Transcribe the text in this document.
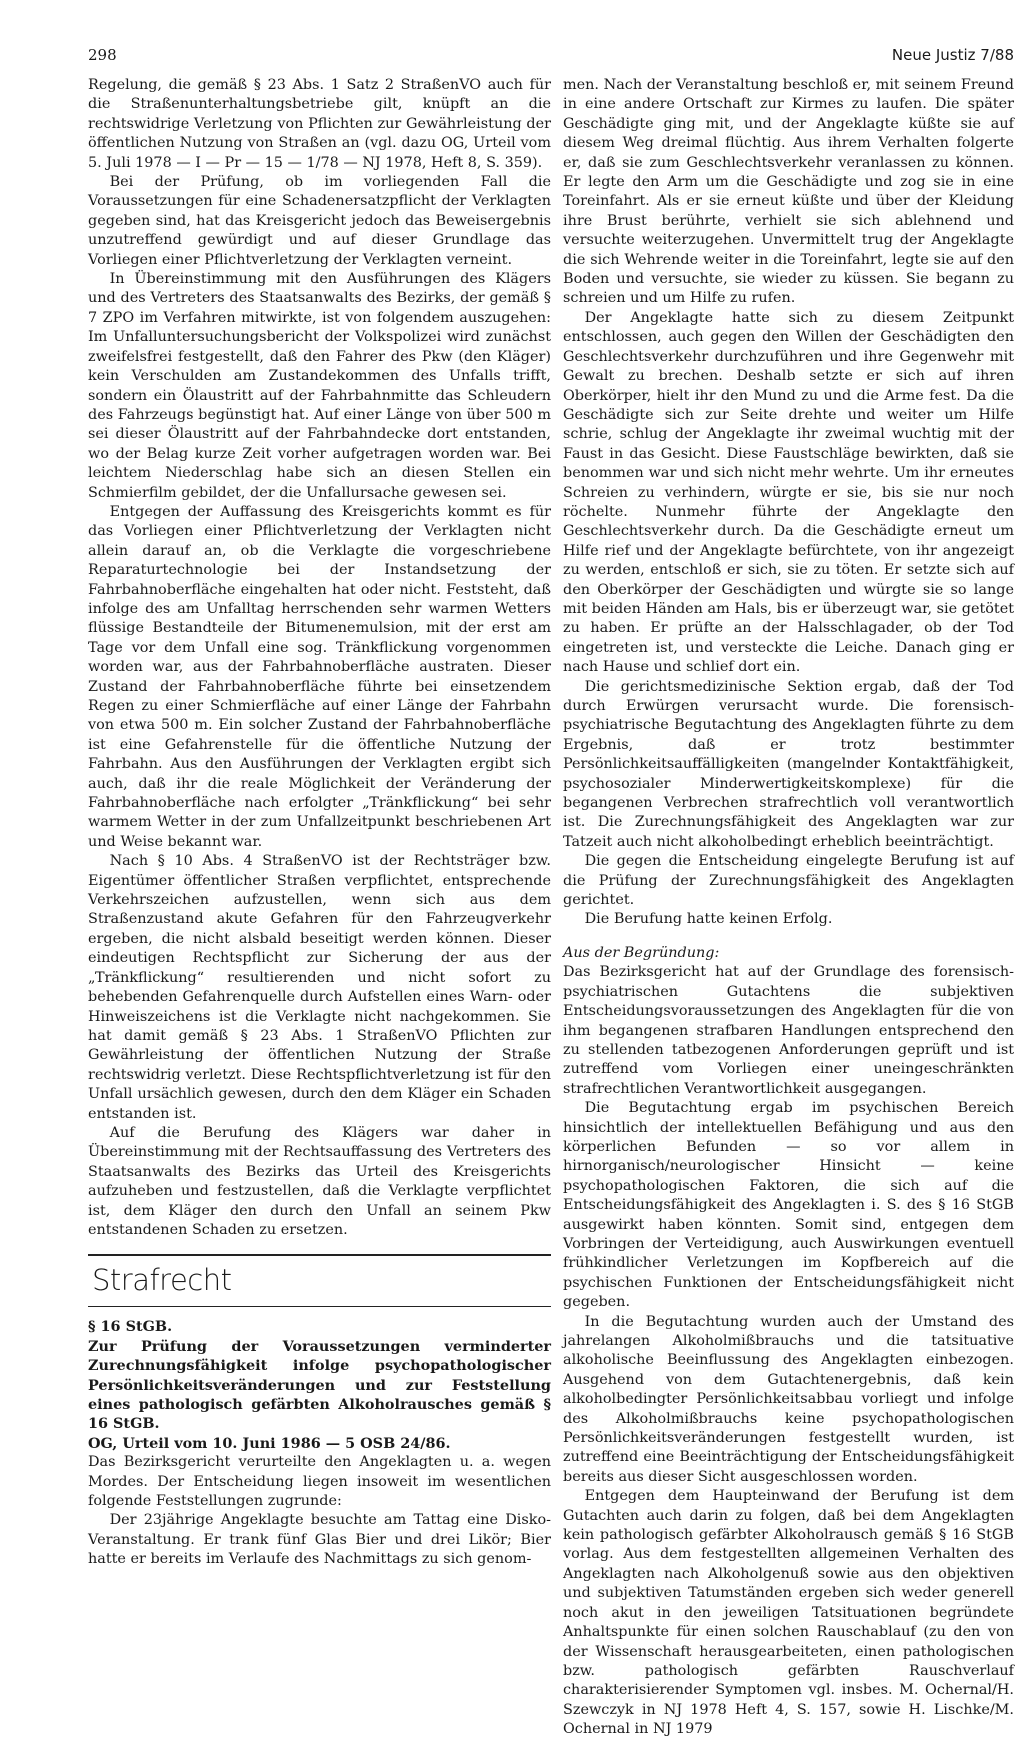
298	Neue Justiz 7/88

Regelung, die gemäß § 23 Abs. 1 Satz 2 StraßenVO auch für die Straßenunterhaltungsbetriebe gilt, knüpft an die rechtswidrige Verletzung von Pflichten zur Gewährleistung der öffentlichen Nutzung von Straßen an (vgl. dazu OG, Urteil vom 5. Juli 1978 — I — Pr — 15 — 1/78 — NJ 1978, Heft 8, S. 359).

Bei der Prüfung, ob im vorliegenden Fall die Voraussetzungen für eine Schadenersatzpflicht der Verklagten gegeben sind, hat das Kreisgericht jedoch das Beweisergebnis unzutreffend gewürdigt und auf dieser Grundlage das Vorliegen einer Pflichtverletzung der Verklagten verneint.

In Übereinstimmung mit den Ausführungen des Klägers und des Vertreters des Staatsanwalts des Bezirks, der gemäß § 7 ZPO im Verfahren mitwirkte, ist von folgendem auszugehen: Im Unfalluntersuchungsbericht der Volkspolizei wird zunächst zweifelsfrei festgestellt, daß den Fahrer des Pkw (den Kläger) kein Verschulden am Zustandekommen des Unfalls trifft, sondern ein Ölaustritt auf der Fahrbahnmitte das Schleudern des Fahrzeugs begünstigt hat. Auf einer Länge von über 500 m sei dieser Ölaustritt auf der Fahrbahndecke dort entstanden, wo der Belag kurze Zeit vorher aufgetragen worden war. Bei leichtem Niederschlag habe sich an diesen Stellen ein Schmierfilm gebildet, der die Unfallursache gewesen sei.

Entgegen der Auffassung des Kreisgerichts kommt es für das Vorliegen einer Pflichtverletzung der Verklagten nicht allein darauf an, ob die Verklagte die vorgeschriebene Reparaturtechnologie bei der Instandsetzung der Fahrbahnoberfläche eingehalten hat oder nicht. Feststeht, daß infolge des am Unfalltag herrschenden sehr warmen Wetters flüssige Bestandteile der Bitumenemulsion, mit der erst am Tage vor dem Unfall eine sog. Tränkflickung vorgenommen worden war, aus der Fahrbahnoberfläche austraten. Dieser Zustand der Fahrbahnoberfläche führte bei einsetzendem Regen zu einer Schmierfläche auf einer Länge der Fahrbahn von etwa 500 m. Ein solcher Zustand der Fahrbahnoberfläche ist eine Gefahrenstelle für die öffentliche Nutzung der Fahrbahn. Aus den Ausführungen der Verklagten ergibt sich auch, daß ihr die reale Möglichkeit der Veränderung der Fahrbahnoberfläche nach erfolgter „Tränkflickung“ bei sehr warmem Wetter in der zum Unfallzeitpunkt beschriebenen Art und Weise bekannt war.

Nach § 10 Abs. 4 StraßenVO ist der Rechtsträger bzw. Eigentümer öffentlicher Straßen verpflichtet, entsprechende Verkehrszeichen aufzustellen, wenn sich aus dem Straßenzustand akute Gefahren für den Fahrzeugverkehr ergeben, die nicht alsbald beseitigt werden können. Dieser eindeutigen Rechtspflicht zur Sicherung der aus der „Tränkflickung“ resultierenden und nicht sofort zu behebenden Gefahrenquelle durch Aufstellen eines Warn- oder Hinweiszeichens ist die Verklagte nicht nachgekommen. Sie hat damit gemäß § 23 Abs. 1 StraßenVO Pflichten zur Gewährleistung der öffentlichen Nutzung der Straße rechtswidrig verletzt. Diese Rechtspflichtverletzung ist für den Unfall ursächlich gewesen, durch den dem Kläger ein Schaden entstanden ist.

Auf die Berufung des Klägers war daher in Übereinstimmung mit der Rechtsauffassung des Vertreters des Staatsanwalts des Bezirks das Urteil des Kreisgerichts aufzuheben und festzustellen, daß die Verklagte verpflichtet ist, dem Kläger den durch den Unfall an seinem Pkw entstandenen Schaden zu ersetzen.

Strafrecht

§ 16 StGB.

Zur Prüfung der Voraussetzungen verminderter Zurechnungsfähigkeit infolge psychopathologischer Persönlichkeitsveränderungen und zur Feststellung eines pathologisch gefärbten Alkoholrausches gemäß § 16 StGB.

OG, Urteil vom 10. Juni 1986 — 5 OSB 24/86.

Das Bezirksgericht verurteilte den Angeklagten u. a. wegen Mordes. Der Entscheidung liegen insoweit im wesentlichen folgende Feststellungen zugrunde:

Der 23jährige Angeklagte besuchte am Tattag eine Disko-Veranstaltung. Er trank fünf Glas Bier und drei Likör; Bier hatte er bereits im Verlaufe des Nachmittags zu sich genom-

men. Nach der Veranstaltung beschloß er, mit seinem Freund in eine andere Ortschaft zur Kirmes zu laufen. Die später Geschädigte ging mit, und der Angeklagte küßte sie auf diesem Weg dreimal flüchtig. Aus ihrem Verhalten folgerte er, daß sie zum Geschlechtsverkehr veranlassen zu können. Er legte den Arm um die Geschädigte und zog sie in eine Toreinfahrt. Als er sie erneut küßte und über der Kleidung ihre Brust berührte, verhielt sie sich ablehnend und versuchte weiterzugehen. Unvermittelt trug der Angeklagte die sich Wehrende weiter in die Toreinfahrt, legte sie auf den Boden und versuchte, sie wieder zu küssen. Sie begann zu schreien und um Hilfe zu rufen.

Der Angeklagte hatte sich zu diesem Zeitpunkt entschlossen, auch gegen den Willen der Geschädigten den Geschlechtsverkehr durchzuführen und ihre Gegenwehr mit Gewalt zu brechen. Deshalb setzte er sich auf ihren Oberkörper, hielt ihr den Mund zu und die Arme fest. Da die Geschädigte sich zur Seite drehte und weiter um Hilfe schrie, schlug der Angeklagte ihr zweimal wuchtig mit der Faust in das Gesicht. Diese Faustschläge bewirkten, daß sie benommen war und sich nicht mehr wehrte. Um ihr erneutes Schreien zu verhindern, würgte er sie, bis sie nur noch röchelte. Nunmehr führte der Angeklagte den Geschlechtsverkehr durch. Da die Geschädigte erneut um Hilfe rief und der Angeklagte befürchtete, von ihr angezeigt zu werden, entschloß er sich, sie zu töten. Er setzte sich auf den Oberkörper der Geschädigten und würgte sie so lange mit beiden Händen am Hals, bis er überzeugt war, sie getötet zu haben. Er prüfte an der Halsschlagader, ob der Tod eingetreten ist, und versteckte die Leiche. Danach ging er nach Hause und schlief dort ein.

Die gerichtsmedizinische Sektion ergab, daß der Tod durch Erwürgen verursacht wurde. Die forensisch-psychiatrische Begutachtung des Angeklagten führte zu dem Ergebnis, daß er trotz bestimmter Persönlichkeitsauffälligkeiten (mangelnder Kontaktfähigkeit, psychosozialer Minderwertigkeitskomplexe) für die begangenen Verbrechen strafrechtlich voll verantwortlich ist. Die Zurechnungsfähigkeit des Angeklagten war zur Tatzeit auch nicht alkoholbedingt erheblich beeinträchtigt.

Die gegen die Entscheidung eingelegte Berufung ist auf die Prüfung der Zurechnungsfähigkeit des Angeklagten gerichtet.

Die Berufung hatte keinen Erfolg.

Aus der Begründung:

Das Bezirksgericht hat auf der Grundlage des forensisch-psychiatrischen Gutachtens die subjektiven Entscheidungsvoraussetzungen des Angeklagten für die von ihm begangenen strafbaren Handlungen entsprechend den zu stellenden tatbezogenen Anforderungen geprüft und ist zutreffend vom Vorliegen einer uneingeschränkten strafrechtlichen Verantwortlichkeit ausgegangen.

Die Begutachtung ergab im psychischen Bereich hinsichtlich der intellektuellen Befähigung und aus den körperlichen Befunden — so vor allem in hirnorganisch/neurologischer Hinsicht — keine psychopathologischen Faktoren, die sich auf die Entscheidungsfähigkeit des Angeklagten i. S. des § 16 StGB ausgewirkt haben könnten. Somit sind, entgegen dem Vorbringen der Verteidigung, auch Auswirkungen eventuell frühkindlicher Verletzungen im Kopfbereich auf die psychischen Funktionen der Entscheidungsfähigkeit nicht gegeben.

In die Begutachtung wurden auch der Umstand des jahrelangen Alkoholmißbrauchs und die tatsituative alkoholische Beeinflussung des Angeklagten einbezogen. Ausgehend von dem Gutachtenergebnis, daß kein alkoholbedingter Persönlichkeitsabbau vorliegt und infolge des Alkoholmißbrauchs keine psychopathologischen Persönlichkeitsveränderungen festgestellt wurden, ist zutreffend eine Beeinträchtigung der Entscheidungsfähigkeit bereits aus dieser Sicht ausgeschlossen worden.

Entgegen dem Haupteinwand der Berufung ist dem Gutachten auch darin zu folgen, daß bei dem Angeklagten kein pathologisch gefärbter Alkoholrausch gemäß § 16 StGB vorlag. Aus dem festgestellten allgemeinen Verhalten des Angeklagten nach Alkoholgenuß sowie aus den objektiven und subjektiven Tatumständen ergeben sich weder generell noch akut in den jeweiligen Tatsituationen begründete Anhaltspunkte für einen solchen Rauschablauf (zu den von der Wissenschaft herausgearbeiteten, einen pathologischen bzw. pathologisch gefärbten Rauschverlauf charakterisierender Symptomen vgl. insbes. M. Ochernal/H. Szewczyk in NJ 1978 Heft 4, S. 157, sowie H. Lischke/M. Ochernal in NJ 1979
